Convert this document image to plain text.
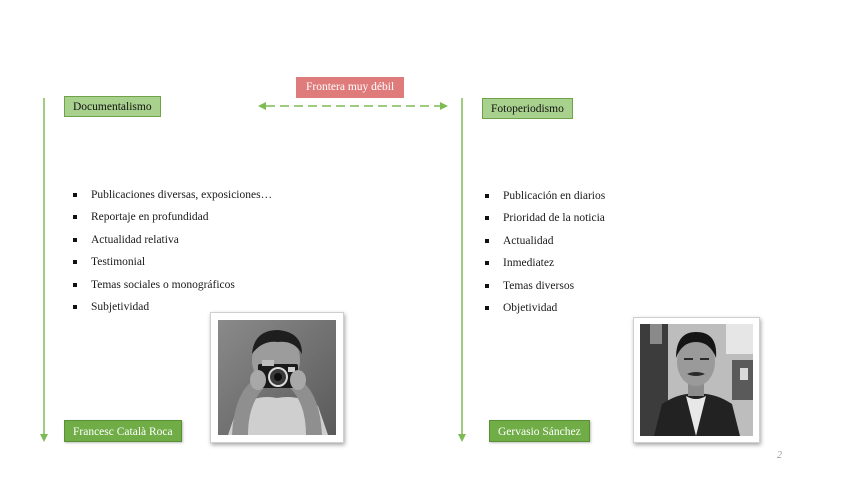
Frontera muy débil
Documentalismo	Fotoperiodismo
Publicaciones diversas, exposiciones…
Reportaje en profundidad
Actualidad relativa
Testimonial
Temas sociales o monográficos
Subjetividad
Publicación en diarios
Prioridad de la noticia
Actualidad
Inmediatez
Temas diversos
Objetividad
Francesc Català Roca	Gervasio Sánchez
2
